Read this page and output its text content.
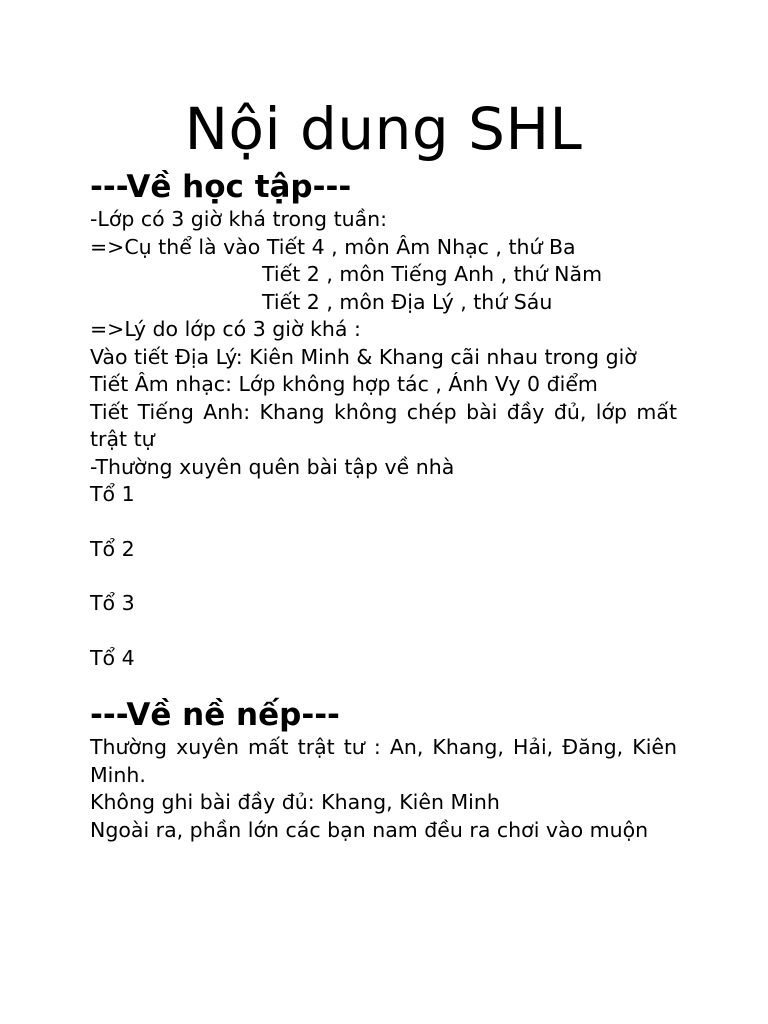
Nội dung SHL
---Về học tập---

-Lớp có 3 giờ khá trong tuần:

=>Cụ thể là vào Tiết 4 , môn Âm Nhạc , thứ Ba

Tiết 2 , môn Tiếng Anh , thứ Năm

Tiết 2 , môn Địa Lý , thứ Sáu

=>Lý do lớp có 3 giờ khá :

Vào tiết Địa Lý: Kiên Minh & Khang cãi nhau trong giờ

Tiết Âm nhạc: Lớp không hợp tác , Ánh Vy 0 điểm

Tiết Tiếng Anh: Khang không chép bài đầy đủ, lớp mất trật tự

-Thường xuyên quên bài tập về nhà

Tổ 1

Tổ 2

Tổ 3

Tổ 4

---Về nề nếp---

Thường xuyên mất trật tư : An, Khang, Hải, Đăng, Kiên Minh.

Không ghi bài đầy đủ: Khang, Kiên Minh

Ngoài ra, phần lớn các bạn nam đều ra chơi vào muộn
